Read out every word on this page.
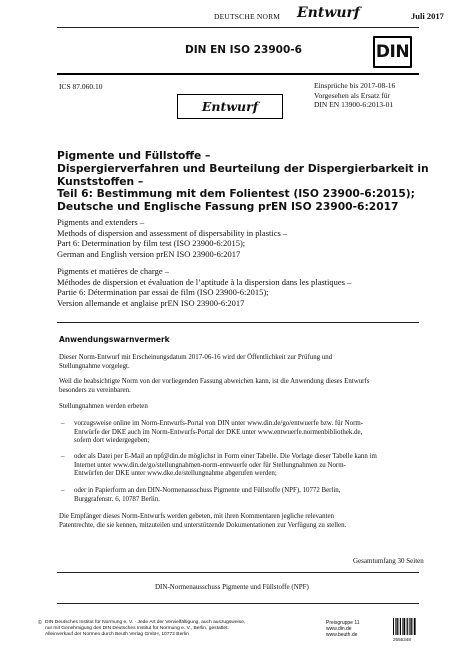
DEUTSCHE NORM Entwurf	Juli 2017
DIN EN ISO 23900-6	DIN
ICS 87.060.10	Einsprüche bis 2017-08-16
Vorgesehen als Ersatz für
DIN EN 13900-6:2013-01
Entwurf
Pigmente und Füllstoffe –
Dispergierverfahren und Beurteilung der Dispergierbarkeit in
Kunststoffen –
Teil 6: Bestimmung mit dem Folientest (ISO 23900-6:2015);
Deutsche und Englische Fassung prEN ISO 23900-6:2017
Pigments and extenders –
Methods of dispersion and assessment of dispersability in plastics –
Part 6: Determination by film test (ISO 23900-6:2015);
German and English version prEN ISO 23900-6:2017
Pigments et matières de charge –
Méthodes de dispersion et évaluation de l’aptitude à la dispersion dans les plastiques –
Partie 6: Détermination par essai de film (ISO 23900-6:2015);
Version allemande et anglaise prEN ISO 23900-6:2017
Anwendungswarnvermerk
Dieser Norm-Entwurf mit Erscheinungsdatum 2017-06-16 wird der Öffentlichkeit zur Prüfung und
Stellungnahme vorgelegt.
Weil die beabsichtigte Norm von der vorliegenden Fassung abweichen kann, ist die Anwendung dieses Entwurfs
besonders zu vereinbaren.
Stellungnahmen werden erbeten
– vorzugsweise online im Norm-Entwurfs-Portal von DIN unter www.din.de/go/entwuerfe bzw. für Norm-
Entwürfe der DKE auch im Norm-Entwurfs-Portal der DKE unter www.entwuerfe.normenbibliothek.de,
sofern dort wiedergegeben;
– oder als Datei per E-Mail an npf@din.de möglichst in Form einer Tabelle. Die Vorlage dieser Tabelle kann im
Internet unter www.din.de/go/stellungnahmen-norm-entwuerfe oder für Stellungnahmen zu Norm-
Entwürfen der DKE unter www.dke.de/stellungnahme abgerufen werden;
– oder in Papierform an den DIN-Normenausschuss Pigmente und Füllstoffe (NPF), 10772 Berlin,
Burggrafenstr. 6, 10787 Berlin.
Die Empfänger dieses Norm-Entwurfs werden gebeten, mit ihren Kommentaren jegliche relevanten
Patentrechte, die sie kennen, mitzuteilen und unterstützende Dokumentationen zur Verfügung zu stellen.
Gesamtumfang 30 Seiten
DIN-Normenausschuss Pigmente und Füllstoffe (NPF)
© DIN Deutsches Institut für Normung e. V. · Jede Art der Vervielfältigung, auch auszugsweise,
nur mit Genehmigung des DIN Deutsches Institut für Normung e. V., Berlin, gestattet.
Alleinverkauf der Normen durch Beuth Verlag GmbH, 10772 Berlin
Preisgruppe 11
www.din.de
www.beuth.de
2655348
